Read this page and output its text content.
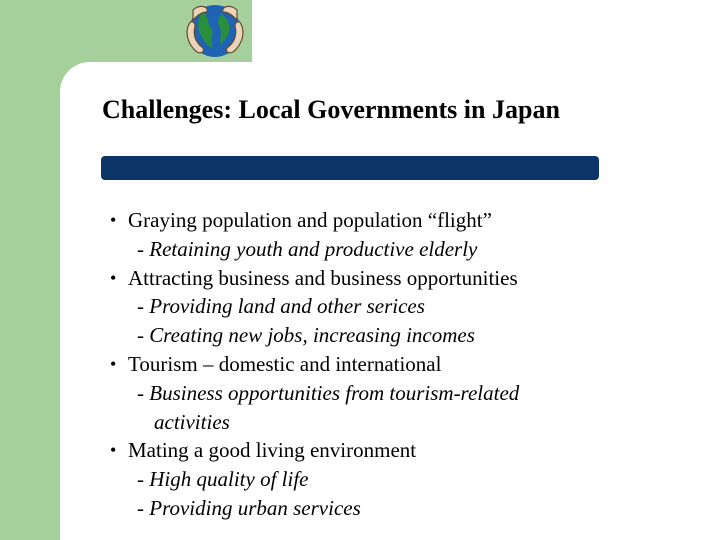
Challenges: Local Governments in Japan
• Graying population and population “flight”
- Retaining youth and productive elderly
• Attracting business and business opportunities
- Providing land and other serices
- Creating new jobs, increasing incomes
• Tourism – domestic and international
- Business opportunities from tourism-related
activities
• Mating a good living environment
- High quality of life
- Providing urban services
